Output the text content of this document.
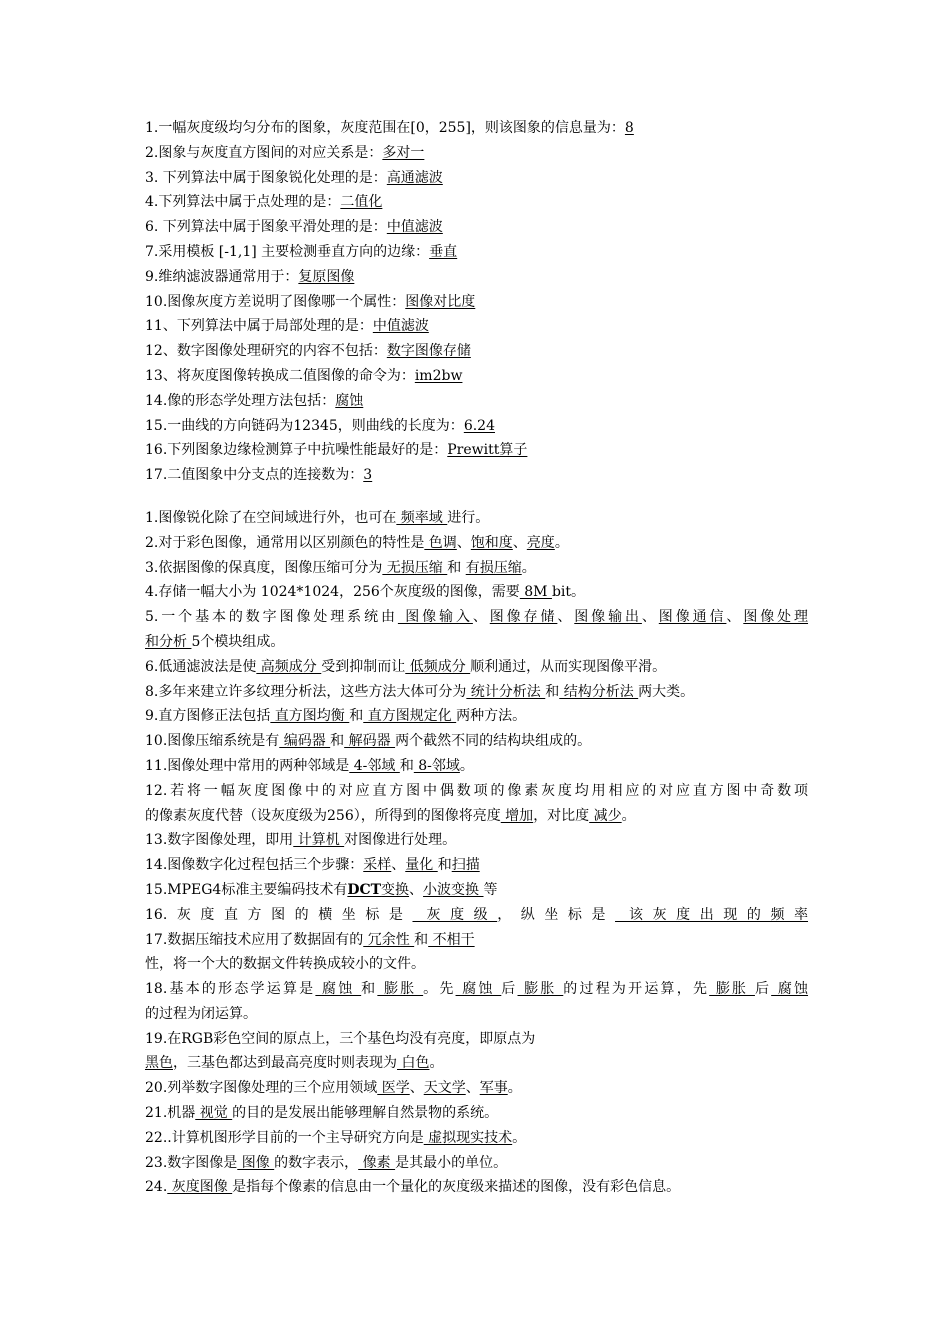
1.一幅灰度级均匀分布的图象，灰度范围在[0，255]，则该图象的信息量为：8
2.图象与灰度直方图间的对应关系是：多对一
3. 下列算法中属于图象锐化处理的是：高通滤波
4.下列算法中属于点处理的是：二值化
6. 下列算法中属于图象平滑处理的是：中值滤波
7.采用模板 [-1,1] 主要检测垂直方向的边缘：垂直
9.维纳滤波器通常用于：复原图像
10.图像灰度方差说明了图像哪一个属性：图像对比度
11、下列算法中属于局部处理的是：中值滤波
12、数字图像处理研究的内容不包括：数字图像存储
13、将灰度图像转换成二值图像的命令为：im2bw
14.像的形态学处理方法包括：腐蚀
15.一曲线的方向链码为12345，则曲线的长度为：6.24
16.下列图象边缘检测算子中抗噪性能最好的是：Prewitt算子
17.二值图象中分支点的连接数为：3
1.图像锐化除了在空间域进行外，也可在 频率域 进行。
2.对于彩色图像，通常用以区别颜色的特性是 色调、饱和度、亮度。
3.依据图像的保真度，图像压缩可分为 无损压缩 和 有损压缩。
4.存储一幅大小为 1024*1024，256个灰度级的图像，需要 8M bit。
5.一个基本的数字图像处理系统由 图像输入、图像存储、图像输出、图像通信、图像处理
和分析 5个模块组成。
6.低通滤波法是使 高频成分 受到抑制而让 低频成分 顺利通过，从而实现图像平滑。
8.多年来建立许多纹理分析法，这些方法大体可分为 统计分析法 和 结构分析法 两大类。
9.直方图修正法包括 直方图均衡 和 直方图规定化 两种方法。
10.图像压缩系统是有 编码器 和 解码器 两个截然不同的结构块组成的。
11.图像处理中常用的两种邻域是 4-邻域 和 8-邻域。
12.若将一幅灰度图像中的对应直方图中偶数项的像素灰度均用相应的对应直方图中奇数项
的像素灰度代替（设灰度级为256），所得到的图像将亮度 增加，对比度 减少。
13.数字图像处理，即用 计算机 对图像进行处理。
14.图像数字化过程包括三个步骤：采样、量化 和扫描
15.MPEG4标准主要编码技术有DCT变换、小波变换 等
16.灰度直方图的横坐标是 灰度级，纵坐标是 该灰度出现的频率
17.数据压缩技术应用了数据固有的 冗余性 和 不相干
性，将一个大的数据文件转换成较小的文件。
18.基本的形态学运算是 腐蚀 和 膨胀 。先 腐蚀 后 膨胀 的过程为开运算，先 膨胀 后 腐蚀
的过程为闭运算。
19.在RGB彩色空间的原点上，三个基色均没有亮度，即原点为
黑色，三基色都达到最高亮度时则表现为 白色。
20.列举数字图像处理的三个应用领域 医学、天文学、军事。
21.机器 视觉 的目的是发展出能够理解自然景物的系统。
22..计算机图形学目前的一个主导研究方向是 虚拟现实技术。
23.数字图像是 图像 的数字表示， 像素 是其最小的单位。
24. 灰度图像 是指每个像素的信息由一个量化的灰度级来描述的图像，没有彩色信息。
